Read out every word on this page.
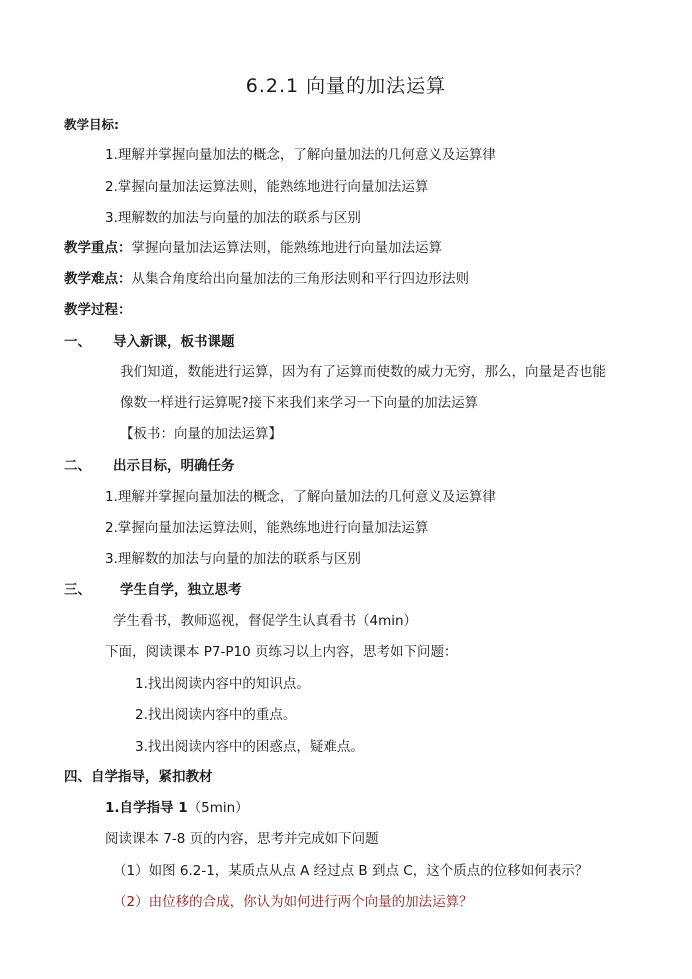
6.2.1 向量的加法运算
教学目标:
1.理解并掌握向量加法的概念，了解向量加法的几何意义及运算律
2.掌握向量加法运算法则，能熟练地进行向量加法运算
3.理解数的加法与向量的加法的联系与区别
教学重点：掌握向量加法运算法则，能熟练地进行向量加法运算
教学难点：从集合角度给出向量加法的三角形法则和平行四边形法则
教学过程：
一、 导入新课，板书课题
我们知道，数能进行运算，因为有了运算而使数的威力无穷，那么，向量是否也能
像数一样进行运算呢?接下来我们来学习一下向量的加法运算
【板书：向量的加法运算】
二、 出示目标，明确任务
1.理解并掌握向量加法的概念，了解向量加法的几何意义及运算律
2.掌握向量加法运算法则，能熟练地进行向量加法运算
3.理解数的加法与向量的加法的联系与区别
三、 学生自学，独立思考
学生看书，教师巡视，督促学生认真看书（4min）
下面，阅读课本 P7-P10 页练习以上内容，思考如下问题：
1.找出阅读内容中的知识点。
2.找出阅读内容中的重点。
3.找出阅读内容中的困惑点，疑难点。
四、自学指导，紧扣教材
1.自学指导 1（5min）
阅读课本 7-8 页的内容，思考并完成如下问题
（1）如图 6.2-1，某质点从点 A 经过点 B 到点 C，这个质点的位移如何表示？
（2）由位移的合成，你认为如何进行两个向量的加法运算？
